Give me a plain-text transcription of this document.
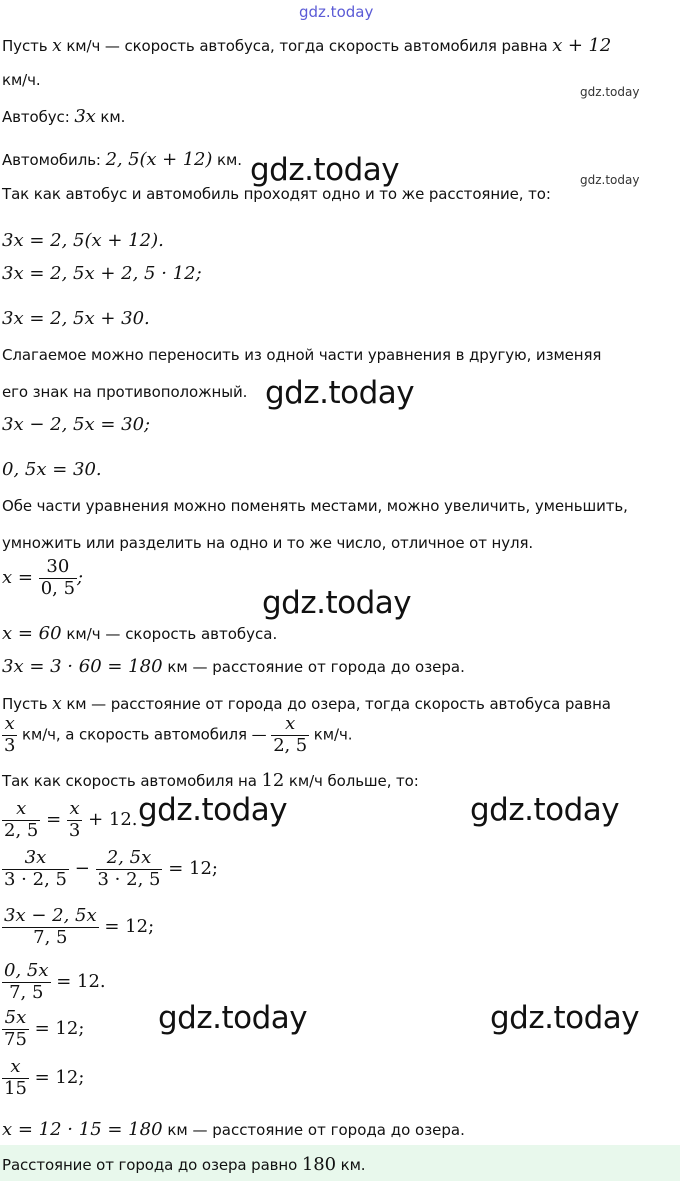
gdz.today
gdz.today
gdz.today
Пусть x км/ч — скорость автобуса, тогда скорость автомобиля равна x + 12
км/ч.
Автобус: 3x км.
Автомобиль: 2, 5(x + 12) км. gdz.today
Так как автобус и автомобиль проходят одно и то же расстояние, то:
3x = 2, 5(x + 12).
3x = 2, 5x + 2, 5 · 12;
3x = 2, 5x + 30.
Слагаемое можно переносить из одной части уравнения в другую, изменяя
его знак на противоположный. gdz.today
3x − 2, 5x = 30;
0, 5x = 30.
Обе части уравнения можно поменять местами, можно увеличить, уменьшить,
умножить или разделить на одно и то же число, отличное от нуля.
$x = \frac{30}{0, 5}$ ;
gdz.today
x = 60 км/ч — скорость автобуса.
3x = 3 · 60 = 180 км — расстояние от города до озера.
Пусть x км — расстояние от города до озера, тогда скорость автобуса равна
$\frac{x}{3} км/ч$, а скорость автомобиля — $\frac{x}{2, 5} км/ч$.
Так как скорость автомобиля на 12 км/ч больше, то:
$\frac{x}{2, 5} = \frac{x}{3} + 12$. gdz.today	gdz.today
$\frac{3x}{3 \cdot 2, 5} - \frac{2, 5x}{3 \cdot 2, 5} = 12$;
$\frac{3x - 2, 5x}{7, 5} = 12$;
$\frac{0, 5x}{7, 5} = 12$.
$\frac{5x}{75} = 12$; gdz.today	gdz.today
$\frac{x}{15} = 12$;
x = 12 · 15 = 180 км — расстояние от города до озера.
Расстояние от города до озера равно 180 км.
